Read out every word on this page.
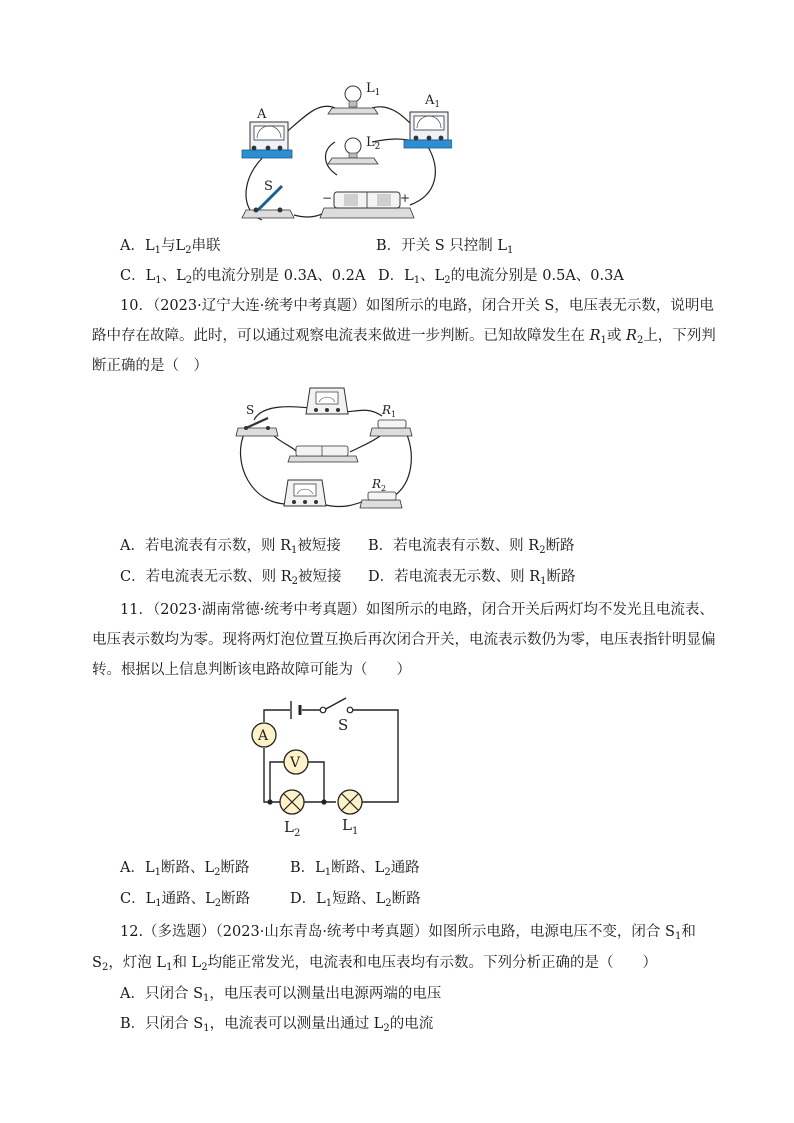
A
$A_1$
$L_1$
$L_2$
S
−	+
A．$L_1$与$L_2$串联	B．开关 S 只控制 $L_1$
C．$L_1$、$L_2$的电流分别是 0.3A、0.2A D．$L_1$、$L_2$的电流分别是 0.5A、0.3A
10．（2023·辽宁大连·统考中考真题）如图所示的电路，闭合开关 S，电压表无示数，说明电
路中存在故障。此时，可以通过观察电流表来做进一步判断。已知故障发生在 $R_1$或 $R_2$上，下列判
断正确的是（　）
S	$R_1$
$R_2$
A．若电流表有示数，则 $R_1$被短接 B．若电流表有示数、则 $R_2$断路
C．若电流表无示数、则 $R_2$被短接 D．若电流表无示数、则 $R_1$断路
11．（2023·湖南常德·统考中考真题）如图所示的电路，闭合开关后两灯均不发光且电流表、
电压表示数均为零。现将两灯泡位置互换后再次闭合开关，电流表示数仍为零，电压表指针明显偏
转。根据以上信息判断该电路故障可能为（　　）
S
A
V
$L_2$	$L_1$
A．$L_1$断路、$L_2$断路	B．$L_1$断路、$L_2$通路
C．$L_1$通路、$L_2$断路	D．$L_1$短路、$L_2$断路
12.（多选题）（2023·山东青岛·统考中考真题）如图所示电路，电源电压不变，闭合 $S_1$和
$S_2$，灯泡 $L_1$和 $L_2$均能正常发光，电流表和电压表均有示数。下列分析正确的是（　　）
A．只闭合 $S_1$，电压表可以测量出电源两端的电压
B．只闭合 $S_1$，电流表可以测量出通过 $L_2$的电流
